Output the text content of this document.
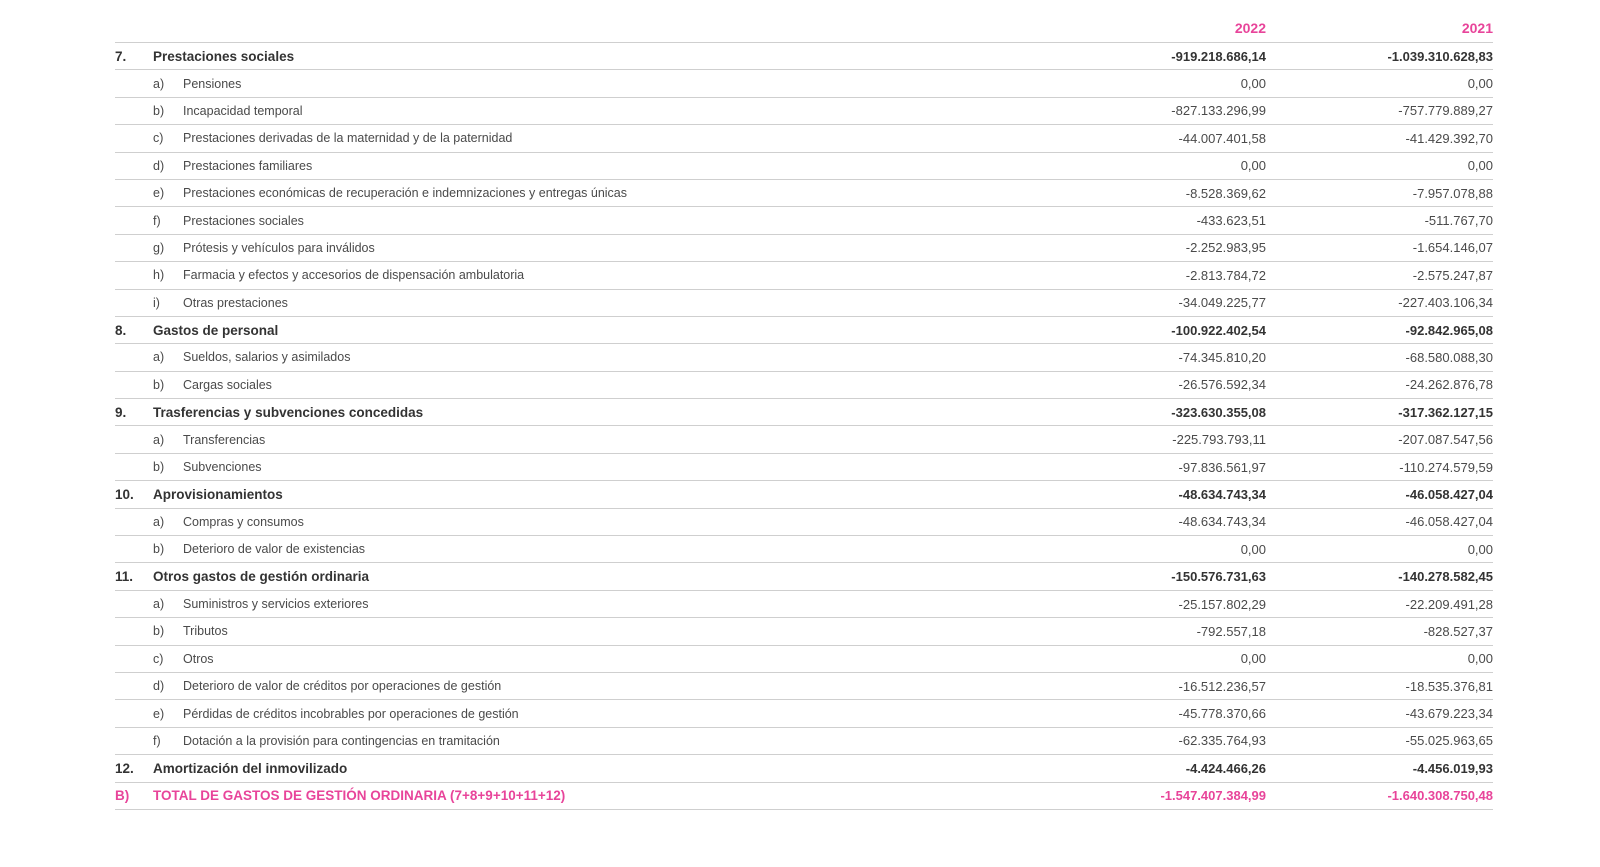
2022	2021
7. Prestaciones sociales	-919.218.686,14	-1.039.310.628,83
a) Pensiones	0,00	0,00
b) Incapacidad temporal	-827.133.296,99	-757.779.889,27
c) Prestaciones derivadas de la maternidad y de la paternidad	-44.007.401,58	-41.429.392,70
d) Prestaciones familiares	0,00	0,00
e) Prestaciones económicas de recuperación e indemnizaciones y entregas únicas	-8.528.369,62	-7.957.078,88
f) Prestaciones sociales	-433.623,51	-511.767,70
g) Prótesis y vehículos para inválidos	-2.252.983,95	-1.654.146,07
h) Farmacia y efectos y accesorios de dispensación ambulatoria	-2.813.784,72	-2.575.247,87
i) Otras prestaciones	-34.049.225,77	-227.403.106,34
8. Gastos de personal	-100.922.402,54	-92.842.965,08
a) Sueldos, salarios y asimilados	-74.345.810,20	-68.580.088,30
b) Cargas sociales	-26.576.592,34	-24.262.876,78
9. Trasferencias y subvenciones concedidas	-323.630.355,08	-317.362.127,15
a) Transferencias	-225.793.793,11	-207.087.547,56
b) Subvenciones	-97.836.561,97	-110.274.579,59
10. Aprovisionamientos	-48.634.743,34	-46.058.427,04
a) Compras y consumos	-48.634.743,34	-46.058.427,04
b) Deterioro de valor de existencias	0,00	0,00
11. Otros gastos de gestión ordinaria	-150.576.731,63	-140.278.582,45
a) Suministros y servicios exteriores	-25.157.802,29	-22.209.491,28
b) Tributos	-792.557,18	-828.527,37
c) Otros	0,00	0,00
d) Deterioro de valor de créditos por operaciones de gestión	-16.512.236,57	-18.535.376,81
e) Pérdidas de créditos incobrables por operaciones de gestión	-45.778.370,66	-43.679.223,34
f) Dotación a la provisión para contingencias en tramitación	-62.335.764,93	-55.025.963,65
12. Amortización del inmovilizado	-4.424.466,26	-4.456.019,93
B) TOTAL DE GASTOS DE GESTIÓN ORDINARIA (7+8+9+10+11+12)	-1.547.407.384,99	-1.640.308.750,48
